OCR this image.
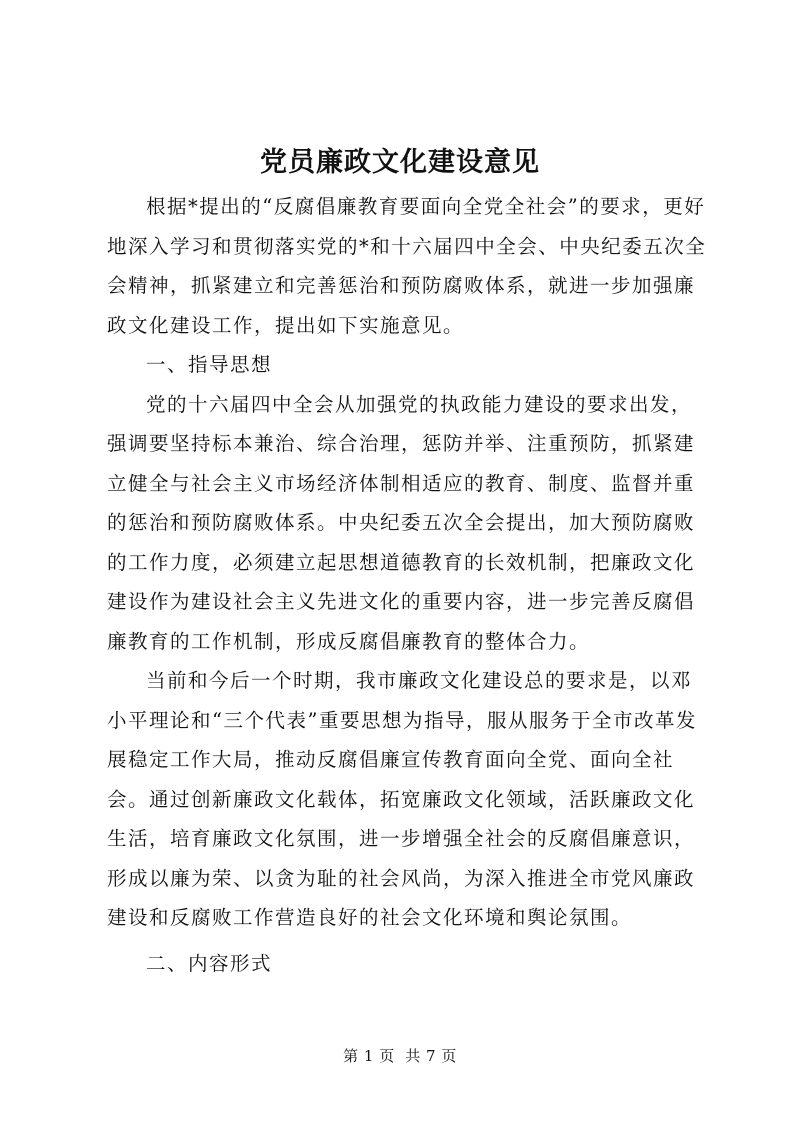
党员廉政文化建设意见

根据*提出的“反腐倡廉教育要面向全党全社会”的要求，更好地深入学习和贯彻落实党的*和十六届四中全会、中央纪委五次全会精神，抓紧建立和完善惩治和预防腐败体系，就进一步加强廉政文化建设工作，提出如下实施意见。

一、指导思想

党的十六届四中全会从加强党的执政能力建设的要求出发，强调要坚持标本兼治、综合治理，惩防并举、注重预防，抓紧建立健全与社会主义市场经济体制相适应的教育、制度、监督并重的惩治和预防腐败体系。中央纪委五次全会提出，加大预防腐败的工作力度，必须建立起思想道德教育的长效机制，把廉政文化建设作为建设社会主义先进文化的重要内容，进一步完善反腐倡廉教育的工作机制，形成反腐倡廉教育的整体合力。

当前和今后一个时期，我市廉政文化建设总的要求是，以邓小平理论和“三个代表”重要思想为指导，服从服务于全市改革发展稳定工作大局，推动反腐倡廉宣传教育面向全党、面向全社会。通过创新廉政文化载体，拓宽廉政文化领域，活跃廉政文化生活，培育廉政文化氛围，进一步增强全社会的反腐倡廉意识，形成以廉为荣、以贪为耻的社会风尚，为深入推进全市党风廉政建设和反腐败工作营造良好的社会文化环境和舆论氛围。

二、内容形式

第 1 页  共 7 页
